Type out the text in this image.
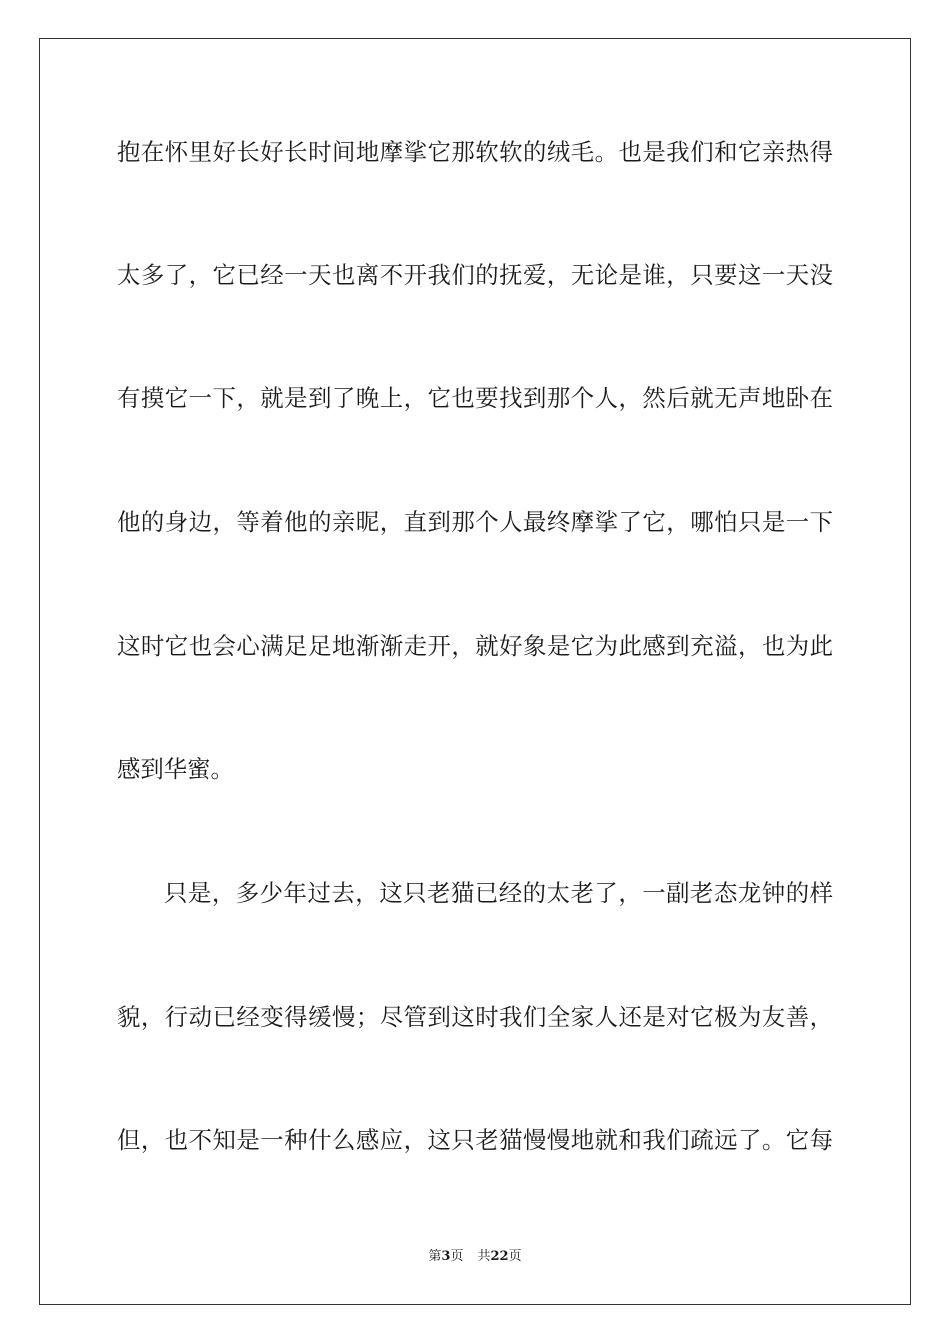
抱在怀里好长好长时间地摩挲它那软软的绒毛。也是我们和它亲热得
太多了，它已经一天也离不开我们的抚爱，无论是谁，只要这一天没
有摸它一下，就是到了晚上，它也要找到那个人，然后就无声地卧在
他的身边，等着他的亲昵，直到那个人最终摩挲了它，哪怕只是一下
这时它也会心满足足地渐渐走开，就好象是它为此感到充溢，也为此
感到华蜜。
只是，多少年过去，这只老猫已经的太老了，一副老态龙钟的样
貌，行动已经变得缓慢；尽管到这时我们全家人还是对它极为友善，
但，也不知是一种什么感应，这只老猫慢慢地就和我们疏远了。它每
第3页 共22页
